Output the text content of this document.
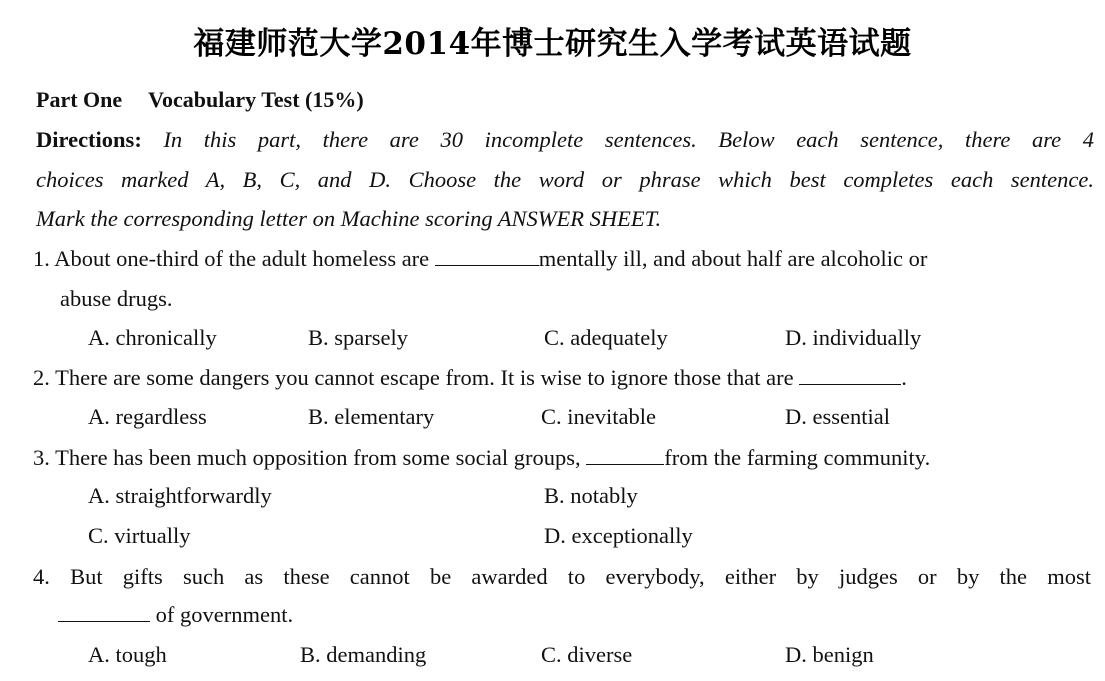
福建师范大学2014年博士研究生入学考试英语试题
Part One Vocabulary Test (15%)
Directions: In this part, there are 30 incomplete sentences. Below each sentence, there are 4
choices marked A, B, C, and D. Choose the word or phrase which best completes each sentence.
Mark the corresponding letter on Machine scoring ANSWER SHEET.
1. About one-third of the adult homeless are	mentally ill, and about half are alcoholic or
abuse drugs.
A. chronically	B. sparsely	C. adequately	D. individually
2. There are some dangers you cannot escape from. It is wise to ignore those that are	.
A. regardless	B. elementary	C. inevitable	D. essential
3. There has been much opposition from some social groups,	from the farming community.
A. straightforwardly	B. notably
C. virtually	D. exceptionally
4. But gifts such as these cannot be awarded to everybody, either by judges or by the most
of government.
A. tough	B. demanding	C. diverse	D. benign
